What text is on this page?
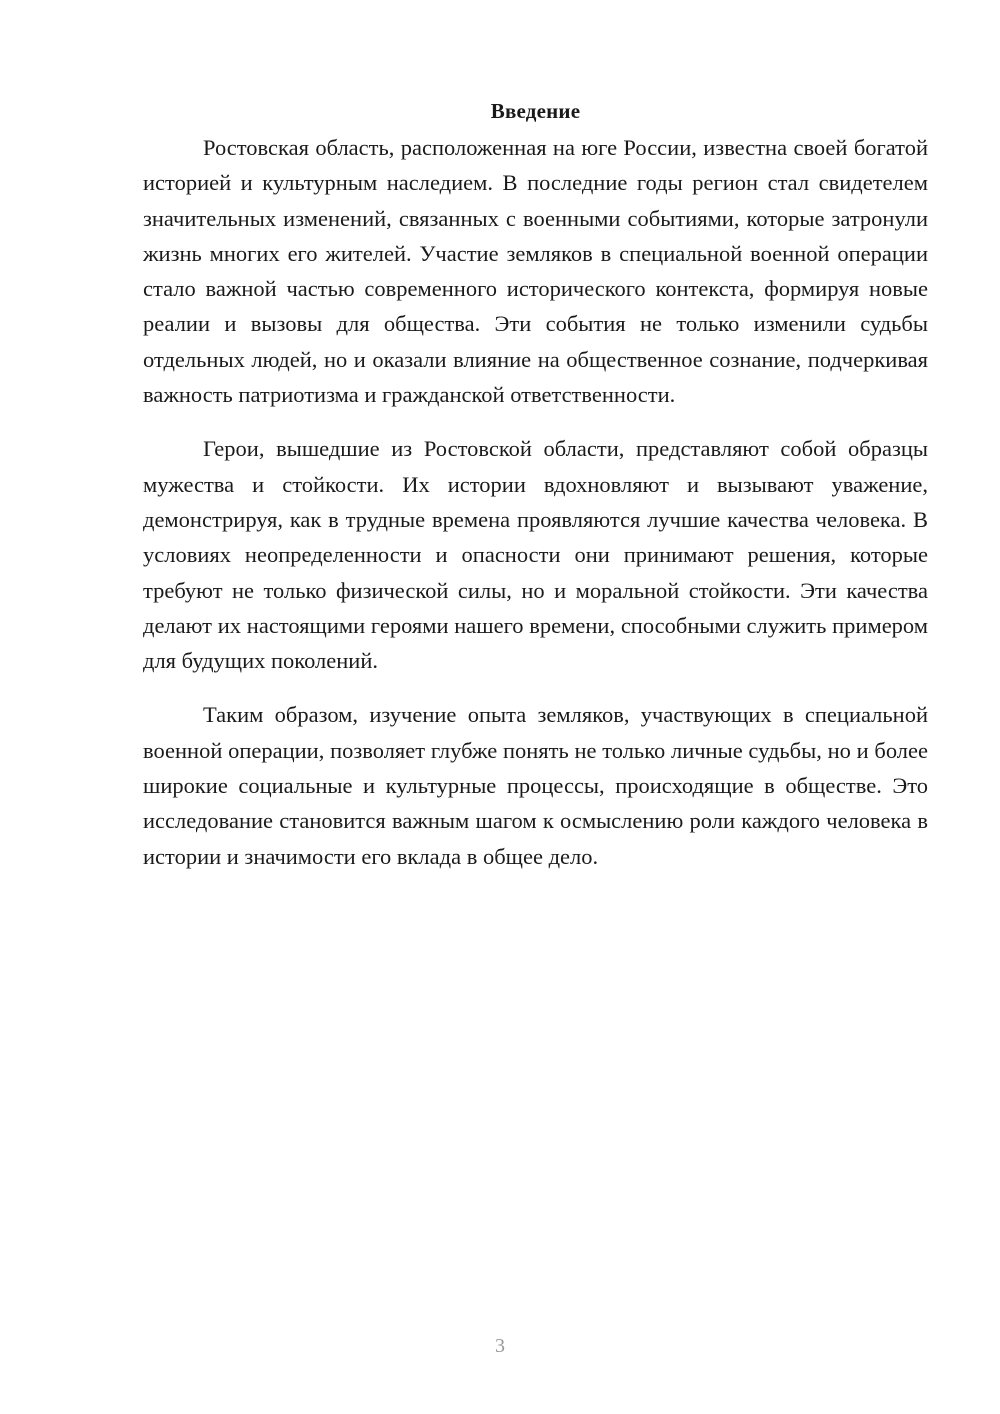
Введение

Ростовская область, расположенная на юге России, известна своей богатой историей и культурным наследием. В последние годы регион стал свидетелем значительных изменений, связанных с военными событиями, которые затронули жизнь многих его жителей. Участие земляков в специальной военной операции стало важной частью современного исторического контекста, формируя новые реалии и вызовы для общества. Эти события не только изменили судьбы отдельных людей, но и оказали влияние на общественное сознание, подчеркивая важность патриотизма и гражданской ответственности.

Герои, вышедшие из Ростовской области, представляют собой образцы мужества и стойкости. Их истории вдохновляют и вызывают уважение, демонстрируя, как в трудные времена проявляются лучшие качества человека. В условиях неопределенности и опасности они принимают решения, которые требуют не только физической силы, но и моральной стойкости. Эти качества делают их настоящими героями нашего времени, способными служить примером для будущих поколений.

Таким образом, изучение опыта земляков, участвующих в специальной военной операции, позволяет глубже понять не только личные судьбы, но и более широкие социальные и культурные процессы, происходящие в обществе. Это исследование становится важным шагом к осмыслению роли каждого человека в истории и значимости его вклада в общее дело.

3
